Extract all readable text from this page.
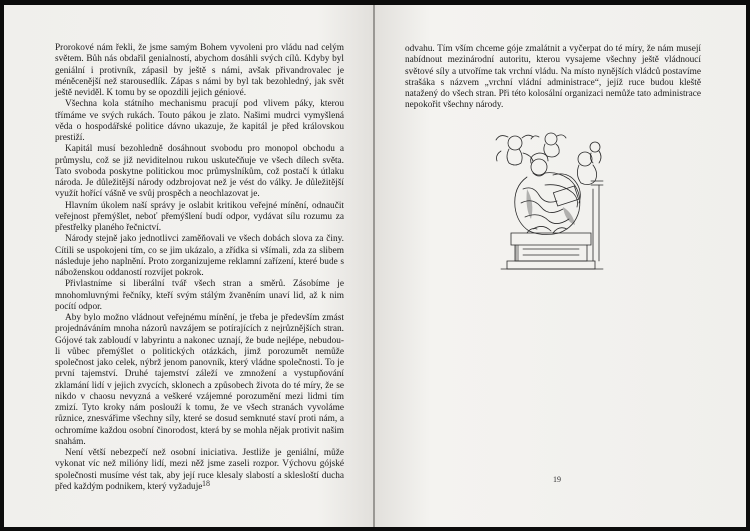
Prorokové nám řekli, že jsme samým Bohem vyvoleni pro vládu nad celým světem. Bůh nás obdařil genialností, abychom dosáhli svých cílů. Kdyby byl geniální i protivník, zápasil by ještě s námi, avšak přivandrovalec je méněcenější než starousedlík. Zápas s námi by byl tak bezohledný, jak svět ještě neviděl. K tomu by se opozdili jejich géniové.

Všechna kola státního mechanismu pracují pod vlivem páky, kterou třímáme ve svých rukách. Touto pákou je zlato. Našimi mudrci vymyšlená věda o hospodářské politice dávno ukazuje, že kapitál je před královskou prestiží.

Kapitál musí bezohledně dosáhnout svobodu pro monopol obchodu a průmyslu, což se již neviditelnou rukou uskutečňuje ve všech dílech světa. Tato svoboda poskytne politickou moc průmyslníkům, což postačí k útlaku národa. Je důležitější národy odzbrojovat než je vést do války. Je důležitější využít hořící vášně ve svůj prospěch a neochlazovat je.

Hlavním úkolem naší správy je oslabit kritikou veřejné mínění, odnaučit veřejnost přemýšlet, neboť přemýšlení budí odpor, vydávat sílu rozumu za přestřelky planého řečnictví.

Národy stejně jako jednotlivci zaměňovali ve všech dobách slova za činy. Cítili se uspokojeni tím, co se jim ukázalo, a zřídka si všímali, zda za slibem následuje jeho naplnění. Proto zorganizujeme reklamní zařízení, které bude s náboženskou oddaností rozvíjet pokrok.

Přivlastníme si liberální tvář všech stran a směrů. Zásobíme je mnohomluvnými řečníky, kteří svým stálým žvaněním unaví lid, až k nim pocítí odpor.

Aby bylo možno vládnout veřejnému mínění, je třeba je především zmást projednáváním mnoha názorů navzájem se potírajících z nejrůznějších stran. Gójové tak zabloudí v labyrintu a nakonec uznají, že bude nejlépe, nebudou-li vůbec přemýšlet o politických otázkách, jimž porozumět nemůže společnost jako celek, nýbrž jenom panovník, který vládne společnosti. To je první tajemství. Druhé tajemství záleží ve zmnožení a vystupňování zklamání lidí v jejich zvycích, sklonech a způsobech života do té míry, že se nikdo v chaosu nevyzná a veškeré vzájemné porozumění mezi lidmi tím zmizí. Tyto kroky nám poslouží k tomu, že ve všech stranách vyvoláme různice, znesvářime všechny síly, které se dosud semknuté staví proti nám, a ochromíme každou osobní činorodost, která by se mohla nějak protivit našim snahám.

Není větší nebezpečí než osobní iniciativa. Jestliže je geniální, může vykonat víc než milióny lidí, mezi něž jsme zaseli rozpor. Výchovu gójské společnosti musíme vést tak, aby její ruce klesaly slabostí a sklesloští ducha před každým podnikem, který vyžaduje 18

odvahu. Tím vším chceme góje zmalátnit a vyčerpat do té míry, že nám musejí nabídnout mezinárodní autoritu, kterou vysajeme všechny ještě vládnoucí světové síly a utvoříme tak vrchní vládu. Na místo nynějších vládců postavíme strašáka s názvem „vrchní vládní administrace“, jejíž ruce budou kleště natažený do všech stran. Při této kolosální organizaci nemůže tato administrace nepokořit všechny národy.

19
